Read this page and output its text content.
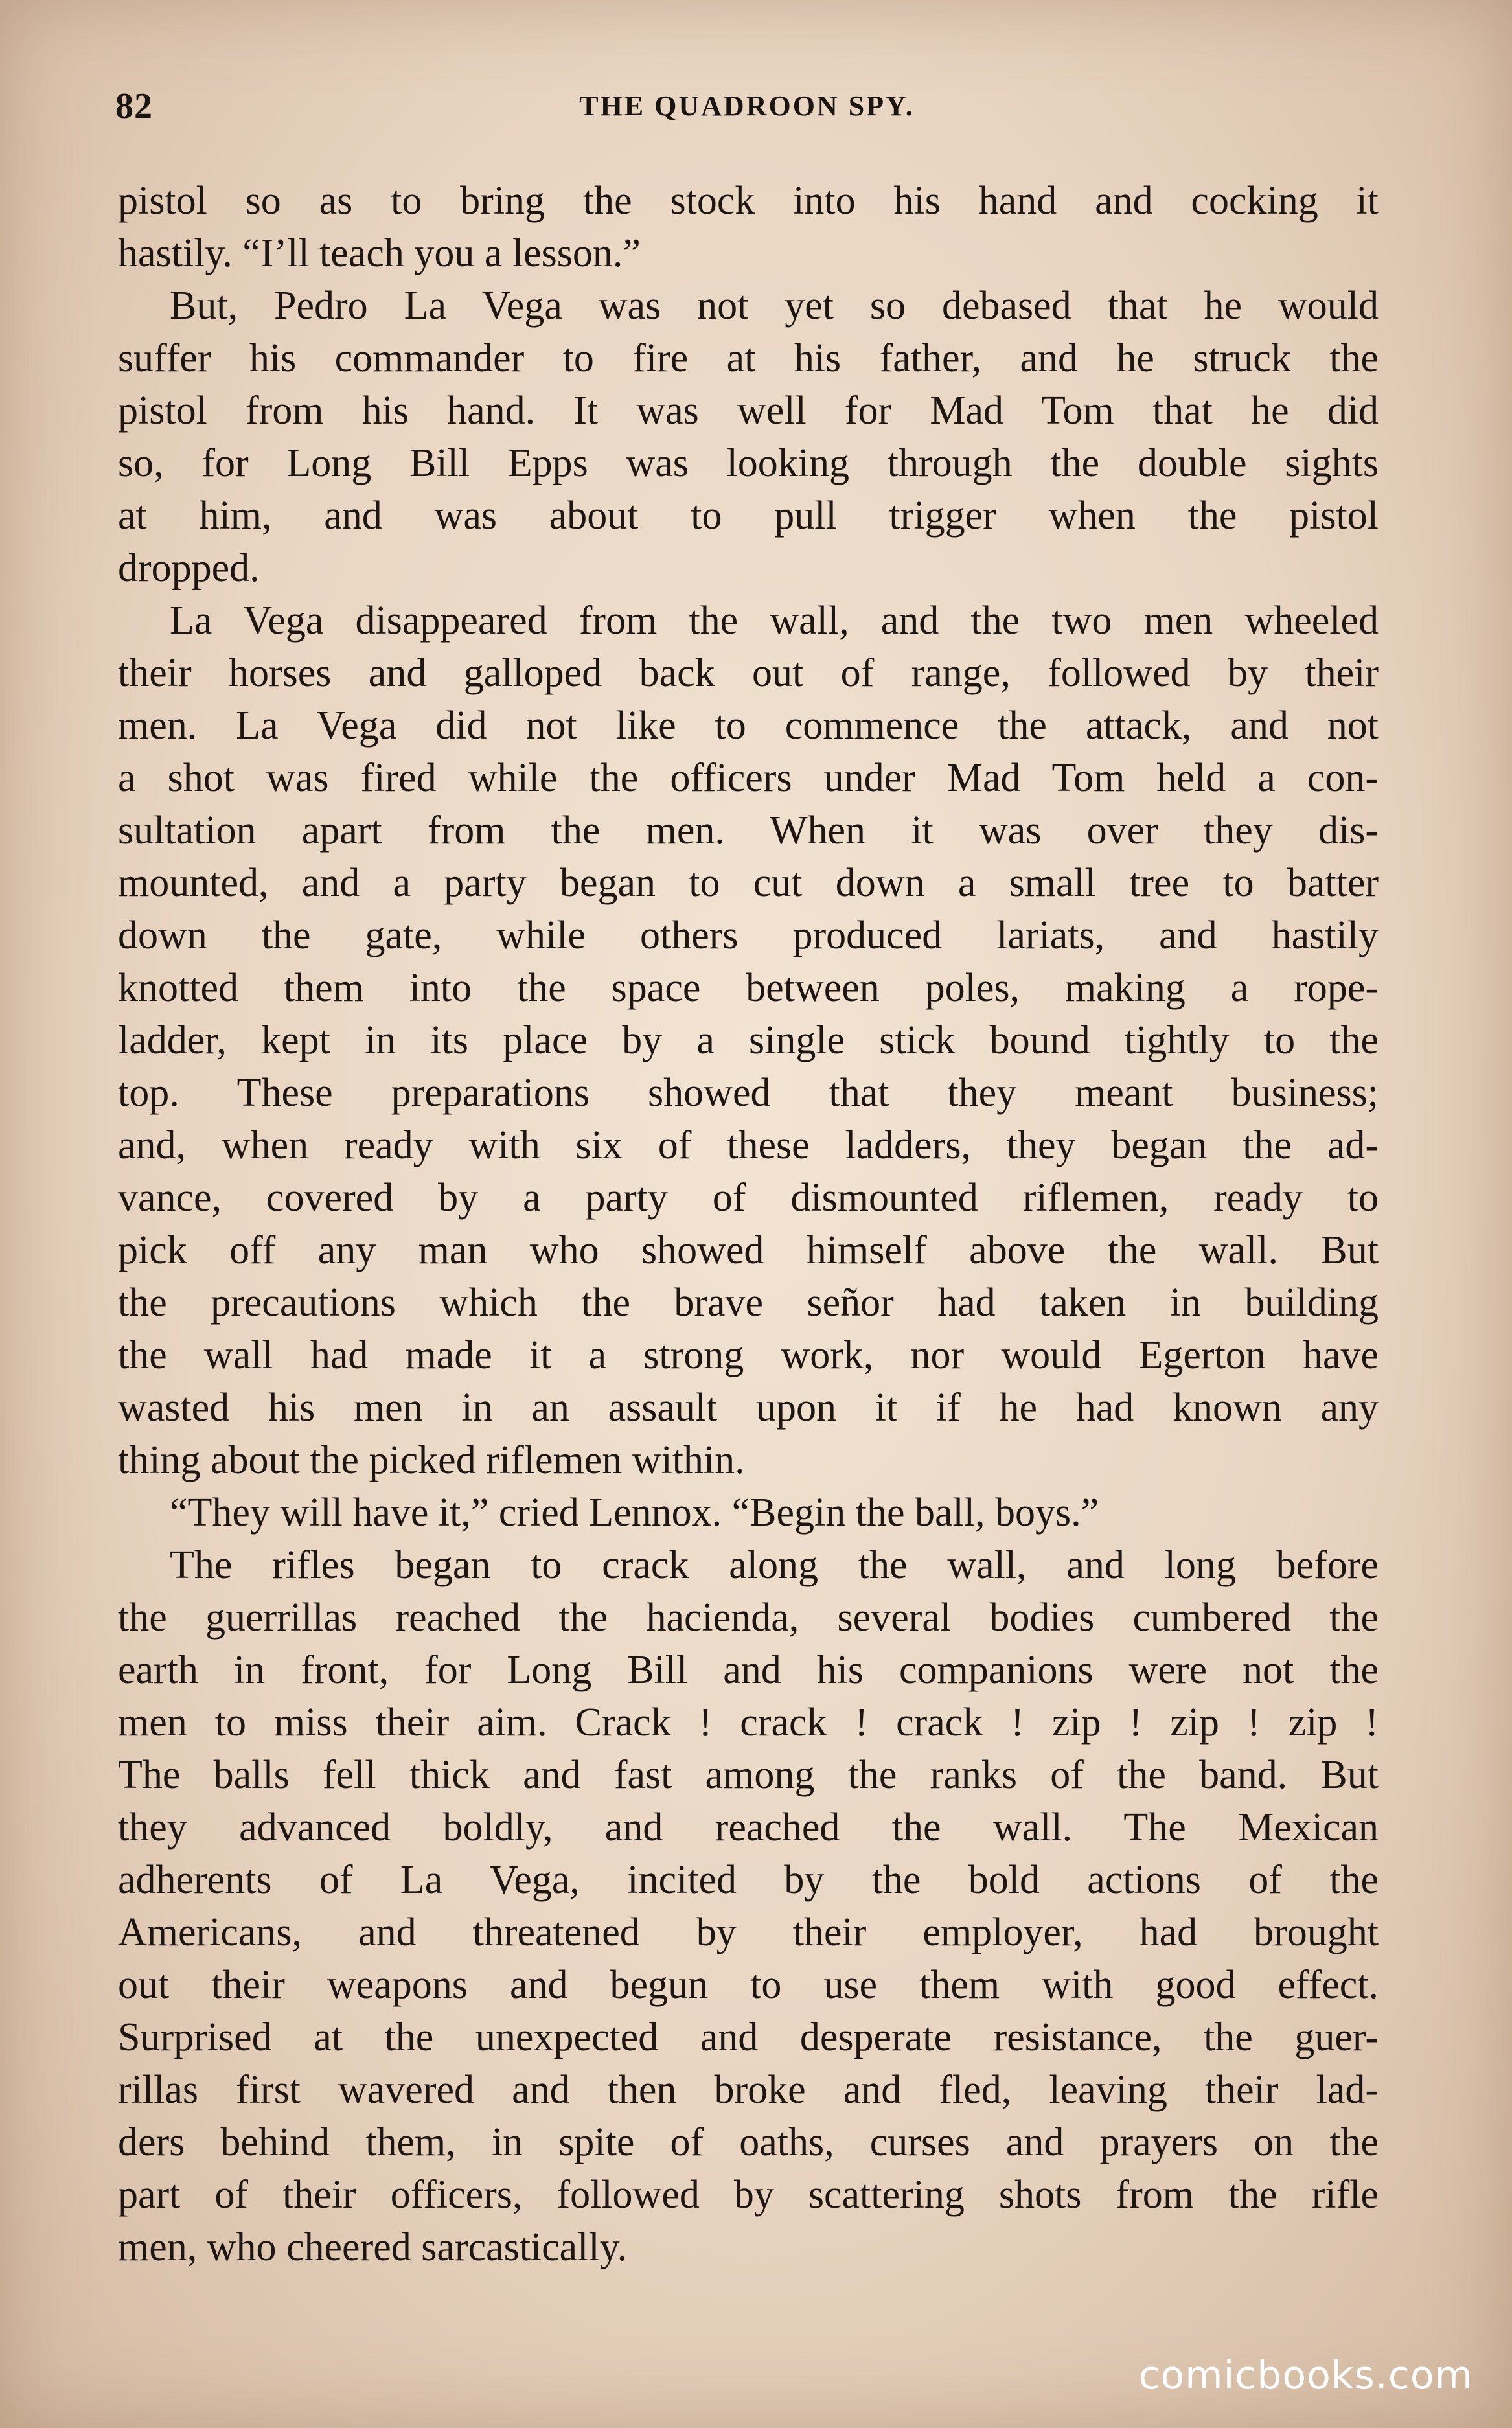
82	THE QUADROON SPY.
pistol so as to bring the stock into his hand and cocking it
hastily. “I’ll teach you a lesson.”
But, Pedro La Vega was not yet so debased that he would
suffer his commander to fire at his father, and he struck the
pistol from his hand. It was well for Mad Tom that he did
so, for Long Bill Epps was looking through the double sights
at him, and was about to pull trigger when the pistol
dropped.
La Vega disappeared from the wall, and the two men wheeled
their horses and galloped back out of range, followed by their
men. La Vega did not like to commence the attack, and not
a shot was fired while the officers under Mad Tom held a con-
sultation apart from the men. When it was over they dis-
mounted, and a party began to cut down a small tree to batter
down the gate, while others produced lariats, and hastily
knotted them into the space between poles, making a rope-
ladder, kept in its place by a single stick bound tightly to the
top. These preparations showed that they meant business;
and, when ready with six of these ladders, they began the ad-
vance, covered by a party of dismounted riflemen, ready to
pick off any man who showed himself above the wall. But
the precautions which the brave señor had taken in building
the wall had made it a strong work, nor would Egerton have
wasted his men in an assault upon it if he had known any
thing about the picked riflemen within.
“They will have it,” cried Lennox. “Begin the ball, boys.”
The rifles began to crack along the wall, and long before
the guerrillas reached the hacienda, several bodies cumbered the
earth in front, for Long Bill and his companions were not the
men to miss their aim. Crack ! crack ! crack ! zip ! zip ! zip !
The balls fell thick and fast among the ranks of the band. But
they advanced boldly, and reached the wall. The Mexican
adherents of La Vega, incited by the bold actions of the
Americans, and threatened by their employer, had brought
out their weapons and begun to use them with good effect.
Surprised at the unexpected and desperate resistance, the guer-
rillas first wavered and then broke and fled, leaving their lad-
ders behind them, in spite of oaths, curses and prayers on the
part of their officers, followed by scattering shots from the rifle
men, who cheered sarcastically.
comicbooks.com
